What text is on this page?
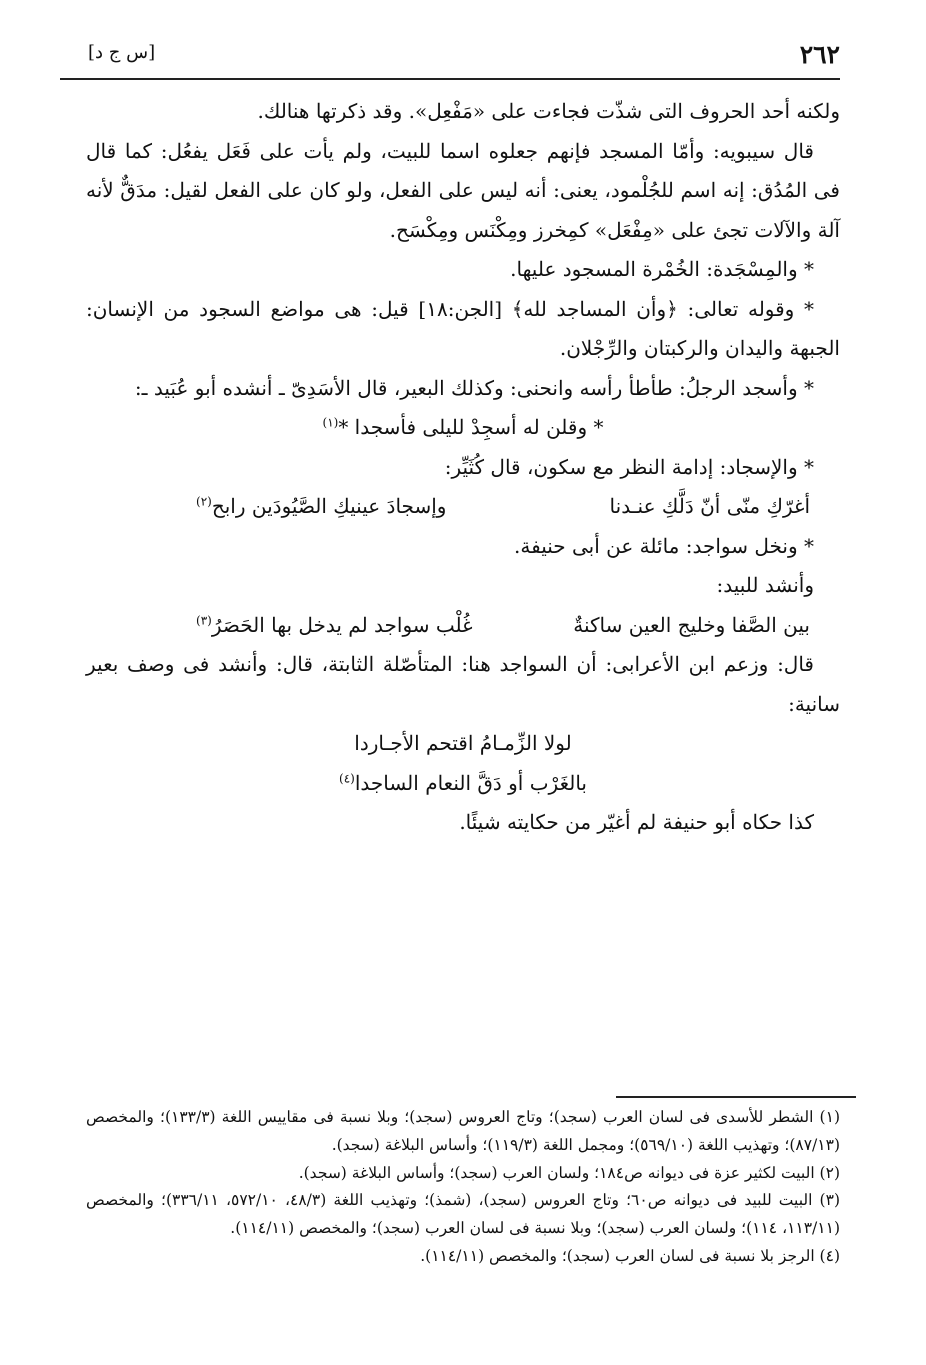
٢٦٢
[س ج د]

ولكنه أحد الحروف التى شذّت فجاءت على «مَفْعِل». وقد ذكرتها هنالك.

قال سيبويه: وأمّا المسجد فإنهم جعلوه اسما للبيت، ولم يأت على فَعَل يفعُل: كما قال فى المُدُق: إنه اسم للجُلْمود، يعنى: أنه ليس على الفعل، ولو كان على الفعل لقيل: مدَقٌّ لأنه آلة والآلات تجئ على «مِفْعَل» كمِخرز ومِكْنَس ومِكْسَح.

* والمِسْجَدة: الخُمْرة المسجود عليها.

* وقوله تعالى: ﴿وأن المساجد لله﴾ [الجن:١٨] قيل: هى مواضع السجود من الإنسان: الجبهة واليدان والركبتان والرِّجْلان.

* وأسجد الرجلُ: طأطأ رأسه وانحنى: وكذلك البعير، قال الأسَدِىّ ـ أنشده أبو عُبَيد ـ:

* وقلن له أسجِدْ لليلى فأسجدا *$^{(١)}$

* والإسجاد: إدامة النظر مع سكون، قال كُثَيِّر:

أغرّكِ منّى أنّ دَلَّكِ عنـدنا
وإسجادَ عينيكِ الصَّيُودَين رابح$^{(٢)}$

* ونخل سواجد: مائلة عن أبى حنيفة.

وأنشد للبيد:

بين الصَّفا وخليج العين ساكنةٌ
غُلْب سواجد لم يدخل بها الحَصَرُ$^{(٣)}$

قال: وزعم ابن الأعرابى: أن السواجد هنا: المتأصّلة الثابتة، قال: وأنشد فى وصف بعير سانية:

لولا الزِّمـامُ اقتحم الأجـاردا

بالغَرْب أو دَقَّ النعام الساجدا$^{(٤)}$

كذا حكاه أبو حنيفة لم أغيّر من حكايته شيئًا.

(١) الشطر للأسدى فى لسان العرب (سجد)؛ وتاج العروس (سجد)؛ وبلا نسبة فى مقاييس اللغة (١٣٣/٣)؛ والمخصص (٨٧/١٣)؛ وتهذيب اللغة (٥٦٩/١٠)؛ ومجمل اللغة (١١٩/٣)؛ وأساس البلاغة (سجد).

(٢) البيت لكثير عزة فى ديوانه ص١٨٤؛ ولسان العرب (سجد)؛ وأساس البلاغة (سجد).

(٣) البيت للبيد فى ديوانه ص٦٠؛ وتاج العروس (سجد)، (شمذ)؛ وتهذيب اللغة (٤٨/٣، ٥٧٢/١٠، ٣٣٦/١١)؛ والمخصص (١١٣/١١، ١١٤)؛ ولسان العرب (سجد)؛ وبلا نسبة فى لسان العرب (سجد)؛ والمخصص (١١٤/١١).

(٤) الرجز بلا نسبة فى لسان العرب (سجد)؛ والمخصص (١١٤/١١).
